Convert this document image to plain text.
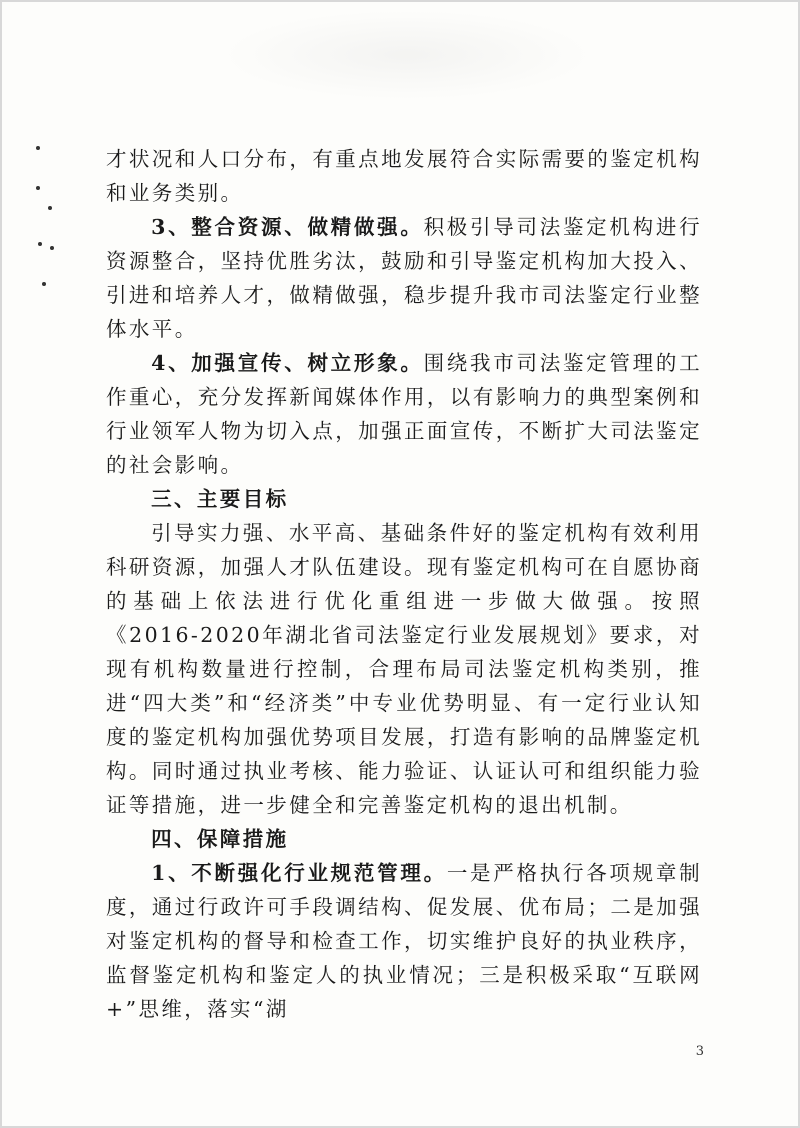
才状况和人口分布，有重点地发展符合实际需要的鉴定机构和业务类别。

3、整合资源、做精做强。积极引导司法鉴定机构进行资源整合，坚持优胜劣汰，鼓励和引导鉴定机构加大投入、引进和培养人才，做精做强，稳步提升我市司法鉴定行业整体水平。

4、加强宣传、树立形象。围绕我市司法鉴定管理的工作重心，充分发挥新闻媒体作用，以有影响力的典型案例和行业领军人物为切入点，加强正面宣传，不断扩大司法鉴定的社会影响。

三、主要目标

引导实力强、水平高、基础条件好的鉴定机构有效利用科研资源，加强人才队伍建设。现有鉴定机构可在自愿协商的基础上依法进行优化重组进一步做大做强。按照《2016-2020年湖北省司法鉴定行业发展规划》要求，对现有机构数量进行控制，合理布局司法鉴定机构类别，推进“四大类”和“经济类”中专业优势明显、有一定行业认知度的鉴定机构加强优势项目发展，打造有影响的品牌鉴定机构。同时通过执业考核、能力验证、认证认可和组织能力验证等措施，进一步健全和完善鉴定机构的退出机制。

四、保障措施

1、不断强化行业规范管理。一是严格执行各项规章制度，通过行政许可手段调结构、促发展、优布局；二是加强对鉴定机构的督导和检查工作，切实维护良好的执业秩序，监督鉴定机构和鉴定人的执业情况；三是积极采取“互联网+”思维，落实“湖

3
